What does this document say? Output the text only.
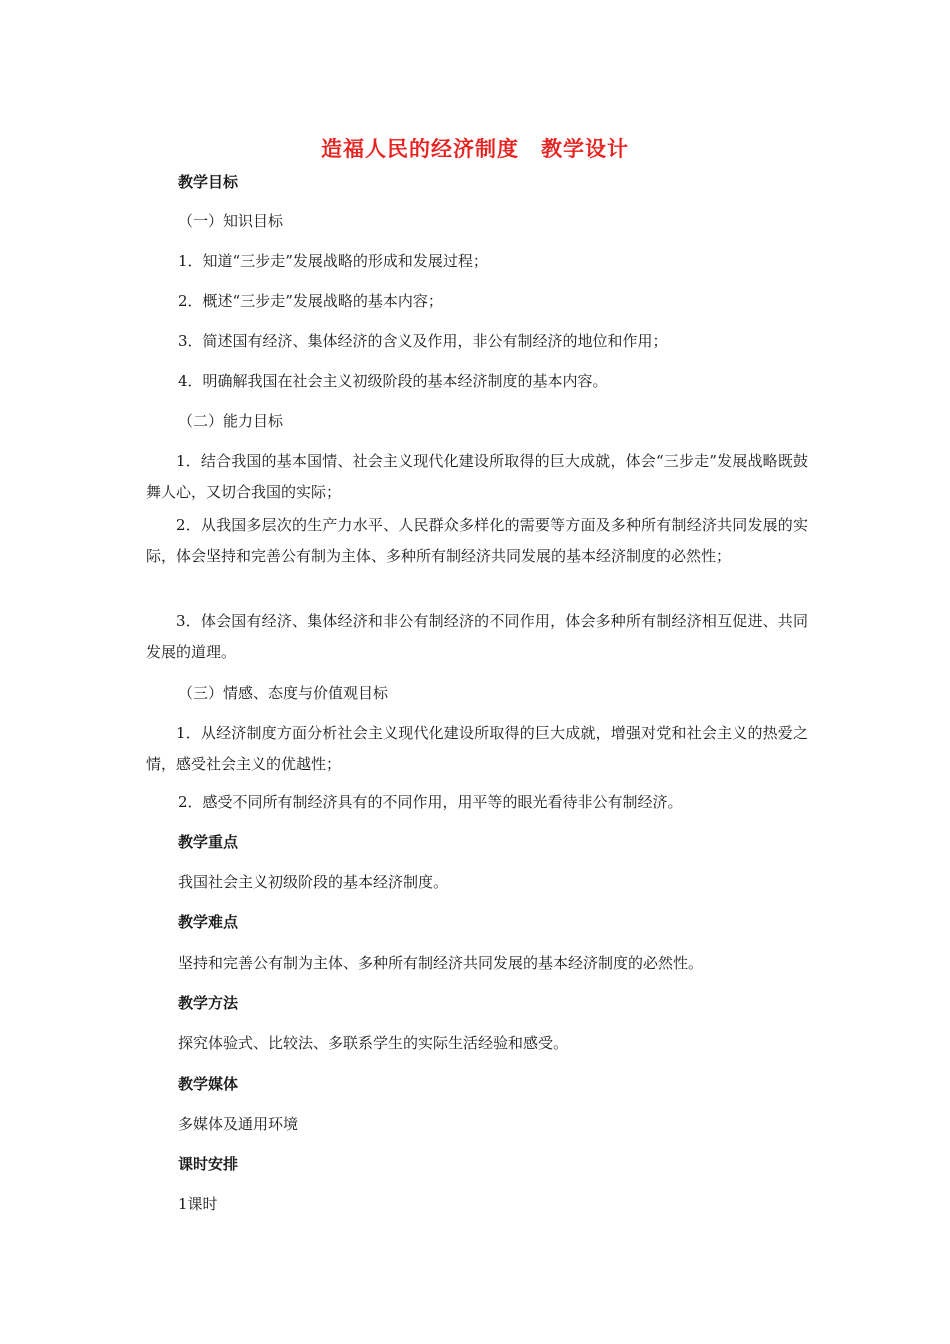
造福人民的经济制度　教学设计
教学目标
（一）知识目标
1．知道“三步走”发展战略的形成和发展过程；
2．概述“三步走”发展战略的基本内容；
3．简述国有经济、集体经济的含义及作用，非公有制经济的地位和作用；
4．明确解我国在社会主义初级阶段的基本经济制度的基本内容。
（二）能力目标
1．结合我国的基本国情、社会主义现代化建设所取得的巨大成就，体会“三步走”发展战略既鼓舞人心，又切合我国的实际；
2．从我国多层次的生产力水平、人民群众多样化的需要等方面及多种所有制经济共同发展的实际，体会坚持和完善公有制为主体、多种所有制经济共同发展的基本经济制度的必然性；
3．体会国有经济、集体经济和非公有制经济的不同作用，体会多种所有制经济相互促进、共同发展的道理。
（三）情感、态度与价值观目标
1．从经济制度方面分析社会主义现代化建设所取得的巨大成就，增强对党和社会主义的热爱之情，感受社会主义的优越性；
2．感受不同所有制经济具有的不同作用，用平等的眼光看待非公有制经济。
教学重点
我国社会主义初级阶段的基本经济制度。
教学难点
坚持和完善公有制为主体、多种所有制经济共同发展的基本经济制度的必然性。
教学方法
探究体验式、比较法、多联系学生的实际生活经验和感受。
教学媒体
多媒体及通用环境
课时安排
1课时
